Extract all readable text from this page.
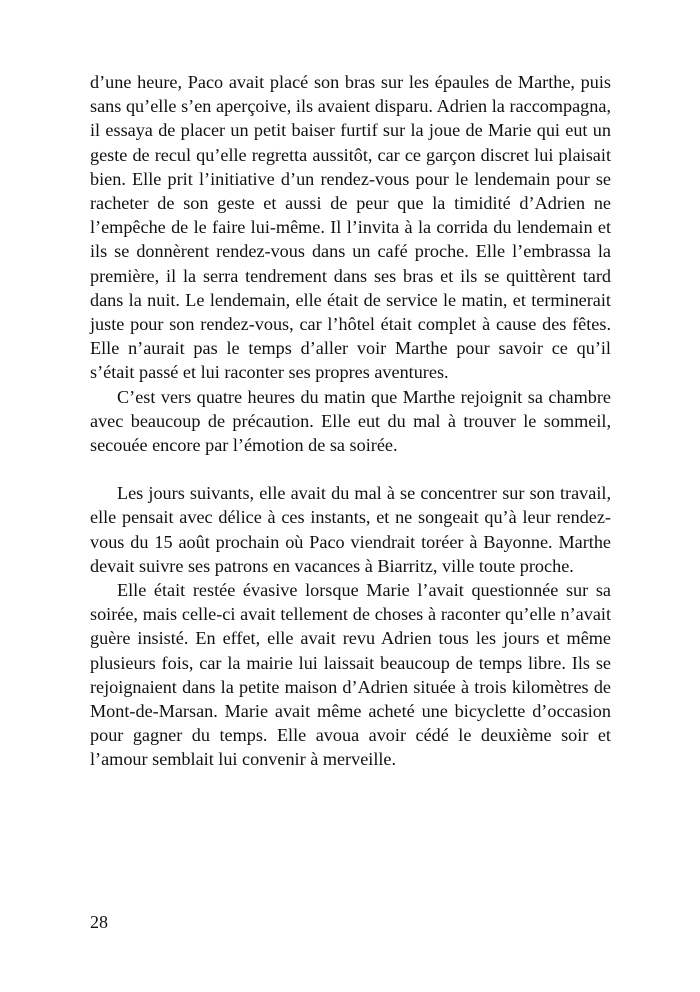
d’une heure, Paco avait placé son bras sur les épaules de Marthe, puis sans qu’elle s’en aperçoive, ils avaient disparu. Adrien la raccompagna, il essaya de placer un petit baiser furtif sur la joue de Marie qui eut un geste de recul qu’elle regretta aussitôt, car ce garçon discret lui plaisait bien. Elle prit l’initiative d’un rendez-vous pour le lendemain pour se racheter de son geste et aussi de peur que la timidité d’Adrien ne l’empêche de le faire lui-même. Il l’invita à la corrida du lendemain et ils se donnèrent rendez-vous dans un café proche. Elle l’embrassa la première, il la serra tendrement dans ses bras et ils se quittèrent tard dans la nuit. Le lendemain, elle était de service le matin, et terminerait juste pour son rendez-vous, car l’hôtel était complet à cause des fêtes. Elle n’aurait pas le temps d’aller voir Marthe pour savoir ce qu’il s’était passé et lui raconter ses propres aventures.

C’est vers quatre heures du matin que Marthe rejoignit sa chambre avec beaucoup de précaution. Elle eut du mal à trouver le sommeil, secouée encore par l’émotion de sa soirée.

Les jours suivants, elle avait du mal à se concentrer sur son travail, elle pensait avec délice à ces instants, et ne songeait qu’à leur rendez-vous du 15 août prochain où Paco viendrait toréer à Bayonne. Marthe devait suivre ses patrons en vacances à Biarritz, ville toute proche.

Elle était restée évasive lorsque Marie l’avait questionnée sur sa soirée, mais celle-ci avait tellement de choses à raconter qu’elle n’avait guère insisté. En effet, elle avait revu Adrien tous les jours et même plusieurs fois, car la mairie lui laissait beaucoup de temps libre. Ils se rejoignaient dans la petite maison d’Adrien située à trois kilomètres de Mont-de-Marsan. Marie avait même acheté une bicyclette d’occasion pour gagner du temps. Elle avoua avoir cédé le deuxième soir et l’amour semblait lui convenir à merveille.

28
